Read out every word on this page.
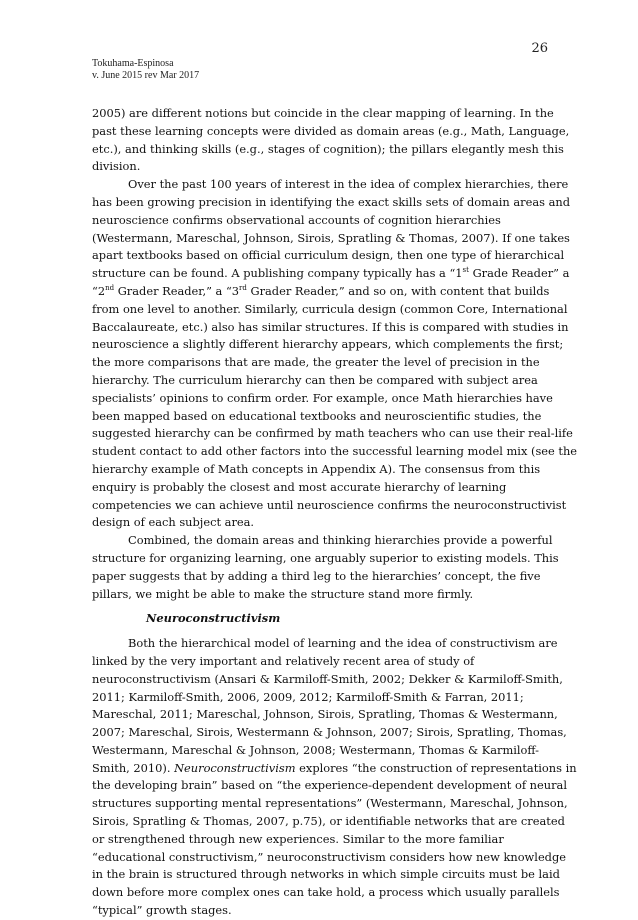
26
Tokuhama-Espinosa
v. June 2015 rev Mar 2017
2005) are different notions but coincide in the clear mapping of learning. In the
past these learning concepts were divided as domain areas (e.g., Math, Language,
etc.), and thinking skills (e.g., stages of cognition); the pillars elegantly mesh this
division.
Over the past 100 years of interest in the idea of complex hierarchies, there
has been growing precision in identifying the exact skills sets of domain areas and
neuroscience confirms observational accounts of cognition hierarchies
(Westermann, Mareschal, Johnson, Sirois, Spratling & Thomas, 2007). If one takes
apart textbooks based on official curriculum design, then one type of hierarchical
structure can be found. A publishing company typically has a “1st Grade Reader” a
“2nd Grader Reader,” a “3rd Grader Reader,” and so on, with content that builds
from one level to another. Similarly, curricula design (common Core, International
Baccalaureate, etc.) also has similar structures. If this is compared with studies in
neuroscience a slightly different hierarchy appears, which complements the first;
the more comparisons that are made, the greater the level of precision in the
hierarchy. The curriculum hierarchy can then be compared with subject area
specialists’ opinions to confirm order. For example, once Math hierarchies have
been mapped based on educational textbooks and neuroscientific studies, the
suggested hierarchy can be confirmed by math teachers who can use their real-life
student contact to add other factors into the successful learning model mix (see the
hierarchy example of Math concepts in Appendix A). The consensus from this
enquiry is probably the closest and most accurate hierarchy of learning
competencies we can achieve until neuroscience confirms the neuroconstructivist
design of each subject area.
Combined, the domain areas and thinking hierarchies provide a powerful
structure for organizing learning, one arguably superior to existing models. This
paper suggests that by adding a third leg to the hierarchies’ concept, the five
pillars, we might be able to make the structure stand more firmly.
Neuroconstructivism
Both the hierarchical model of learning and the idea of constructivism are
linked by the very important and relatively recent area of study of
neuroconstructivism (Ansari & Karmiloff-Smith, 2002; Dekker & Karmiloff-Smith,
2011; Karmiloff-Smith, 2006, 2009, 2012; Karmiloff-Smith & Farran, 2011;
Mareschal, 2011; Mareschal, Johnson, Sirois, Spratling, Thomas & Westermann,
2007; Mareschal, Sirois, Westermann & Johnson, 2007; Sirois, Spratling, Thomas,
Westermann, Mareschal & Johnson, 2008; Westermann, Thomas & Karmiloff-
Smith, 2010). Neuroconstructivism explores “the construction of representations in
the developing brain” based on “the experience-dependent development of neural
structures supporting mental representations” (Westermann, Mareschal, Johnson,
Sirois, Spratling & Thomas, 2007, p.75), or identifiable networks that are created
or strengthened through new experiences. Similar to the more familiar
“educational constructivism,” neuroconstructivism considers how new knowledge
in the brain is structured through networks in which simple circuits must be laid
down before more complex ones can take hold, a process which usually parallels
“typical” growth stages.
